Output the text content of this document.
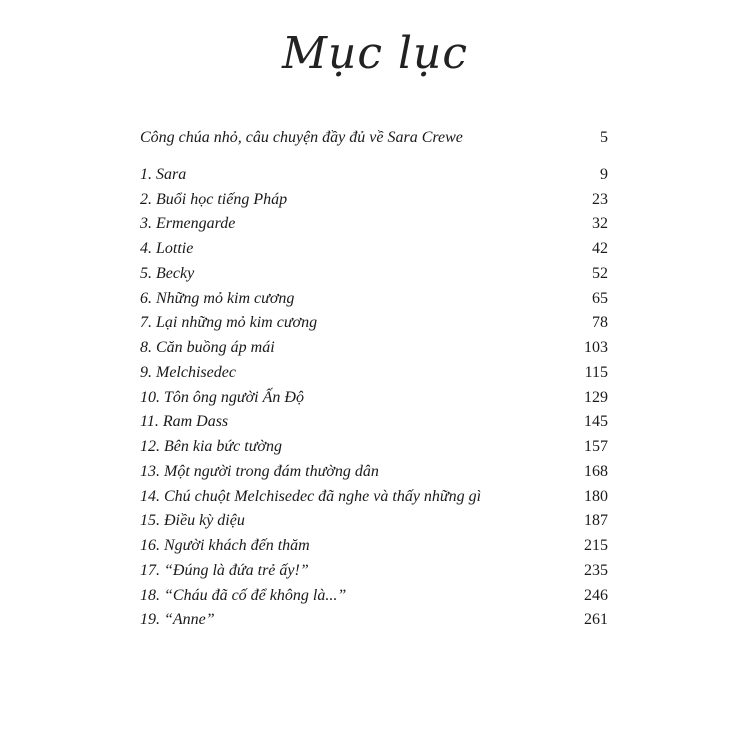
Mục lục
Công chúa nhỏ, câu chuyện đầy đủ về Sara Crewe	5
1. Sara	9
2. Buổi học tiếng Pháp	23
3. Ermengarde	32
4. Lottie	42
5. Becky	52
6. Những mỏ kim cương	65
7. Lại những mỏ kim cương	78
8. Căn buồng áp mái	103
9. Melchisedec	115
10. Tôn ông người Ấn Độ	129
11. Ram Dass	145
12. Bên kia bức tường	157
13. Một người trong đám thường dân	168
14. Chú chuột Melchisedec đã nghe và thấy những gì	180
15. Điều kỳ diệu	187
16. Người khách đến thăm	215
17. “Đúng là đứa trẻ ấy!”	235
18. “Cháu đã cố để không là...”	246
19. “Anne”	261
